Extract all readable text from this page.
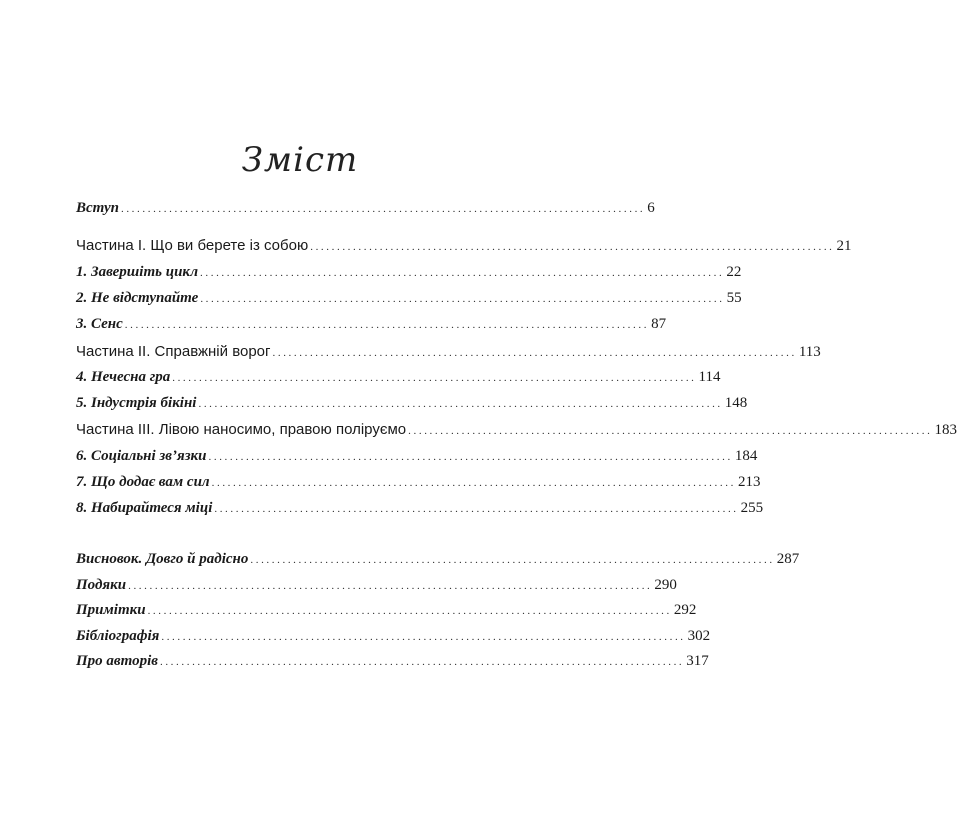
Зміст
Вступ .................................................................................................. 6
Частина I. Що ви берете із собою .................................................................................................. 21
1. Завершіть цикл .................................................................................................. 22
2. Не відступайте .................................................................................................. 55
3. Сенс .................................................................................................. 87
Частина II. Справжній ворог .................................................................................................. 113
4. Нечесна гра .................................................................................................. 114
5. Індустрія бікіні .................................................................................................. 148
Частина III. Лівою наносимо, правою поліруємо .................................................................................................. 183
6. Соціальні зв’язки .................................................................................................. 184
7. Що додає вам сил .................................................................................................. 213
8. Набирайтеся міці .................................................................................................. 255
Висновок. Довго й радісно .................................................................................................. 287
Подяки .................................................................................................. 290
Примітки .................................................................................................. 292
Бібліографія .................................................................................................. 302
Про авторів .................................................................................................. 317
